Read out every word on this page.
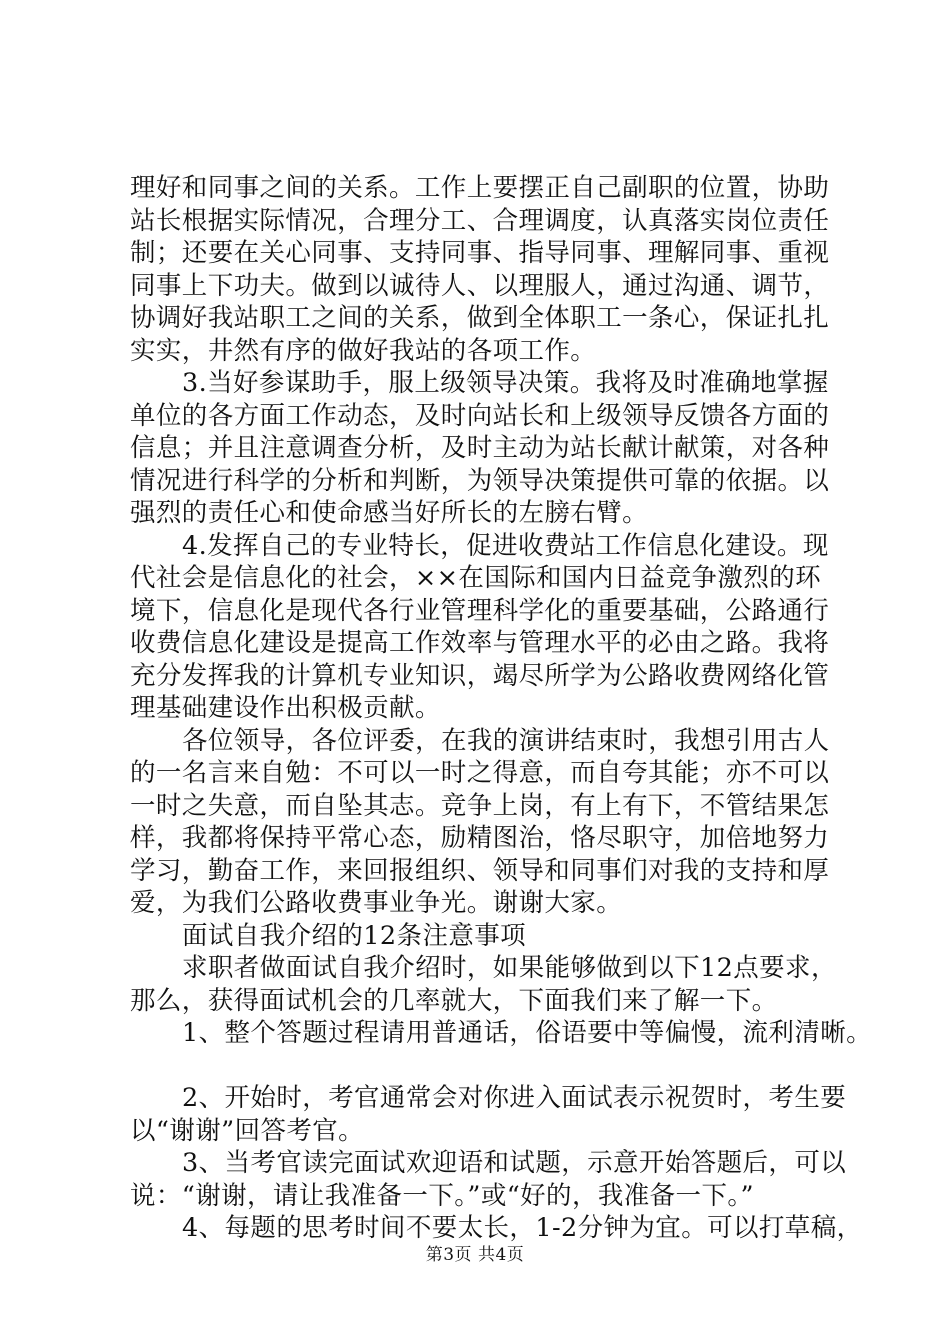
理好和同事之间的关系。工作上要摆正自己副职的位置，协助
站长根据实际情况，合理分工、合理调度，认真落实岗位责任
制；还要在关心同事、支持同事、指导同事、理解同事、重视
同事上下功夫。做到以诚待人、以理服人，通过沟通、调节，
协调好我站职工之间的关系，做到全体职工一条心，保证扎扎
实实，井然有序的做好我站的各项工作。
3.当好参谋助手，服上级领导决策。我将及时准确地掌握
单位的各方面工作动态，及时向站长和上级领导反馈各方面的
信息；并且注意调查分析，及时主动为站长献计献策，对各种
情况进行科学的分析和判断，为领导决策提供可靠的依据。以
强烈的责任心和使命感当好所长的左膀右臂。
4.发挥自己的专业特长，促进收费站工作信息化建设。现
代社会是信息化的社会，××在国际和国内日益竞争激烈的环
境下，信息化是现代各行业管理科学化的重要基础，公路通行
收费信息化建设是提高工作效率与管理水平的必由之路。我将
充分发挥我的计算机专业知识，竭尽所学为公路收费网络化管
理基础建设作出积极贡献。
各位领导，各位评委，在我的演讲结束时，我想引用古人
的一名言来自勉：不可以一时之得意，而自夸其能；亦不可以
一时之失意，而自坠其志。竞争上岗，有上有下，不管结果怎
样，我都将保持平常心态，励精图治，恪尽职守，加倍地努力
学习，勤奋工作，来回报组织、领导和同事们对我的支持和厚
爱，为我们公路收费事业争光。谢谢大家。
面试自我介绍的12条注意事项
求职者做面试自我介绍时，如果能够做到以下12点要求，
那么，获得面试机会的几率就大，下面我们来了解一下。
1、整个答题过程请用普通话，俗语要中等偏慢，流利清晰。
2、开始时，考官通常会对你进入面试表示祝贺时，考生要
以“谢谢”回答考官。
3、当考官读完面试欢迎语和试题，示意开始答题后，可以
说：“谢谢，请让我准备一下。”或“好的，我准备一下。”
4、每题的思考时间不要太长，1-2分钟为宜。可以打草稿，
第3页 共4页
